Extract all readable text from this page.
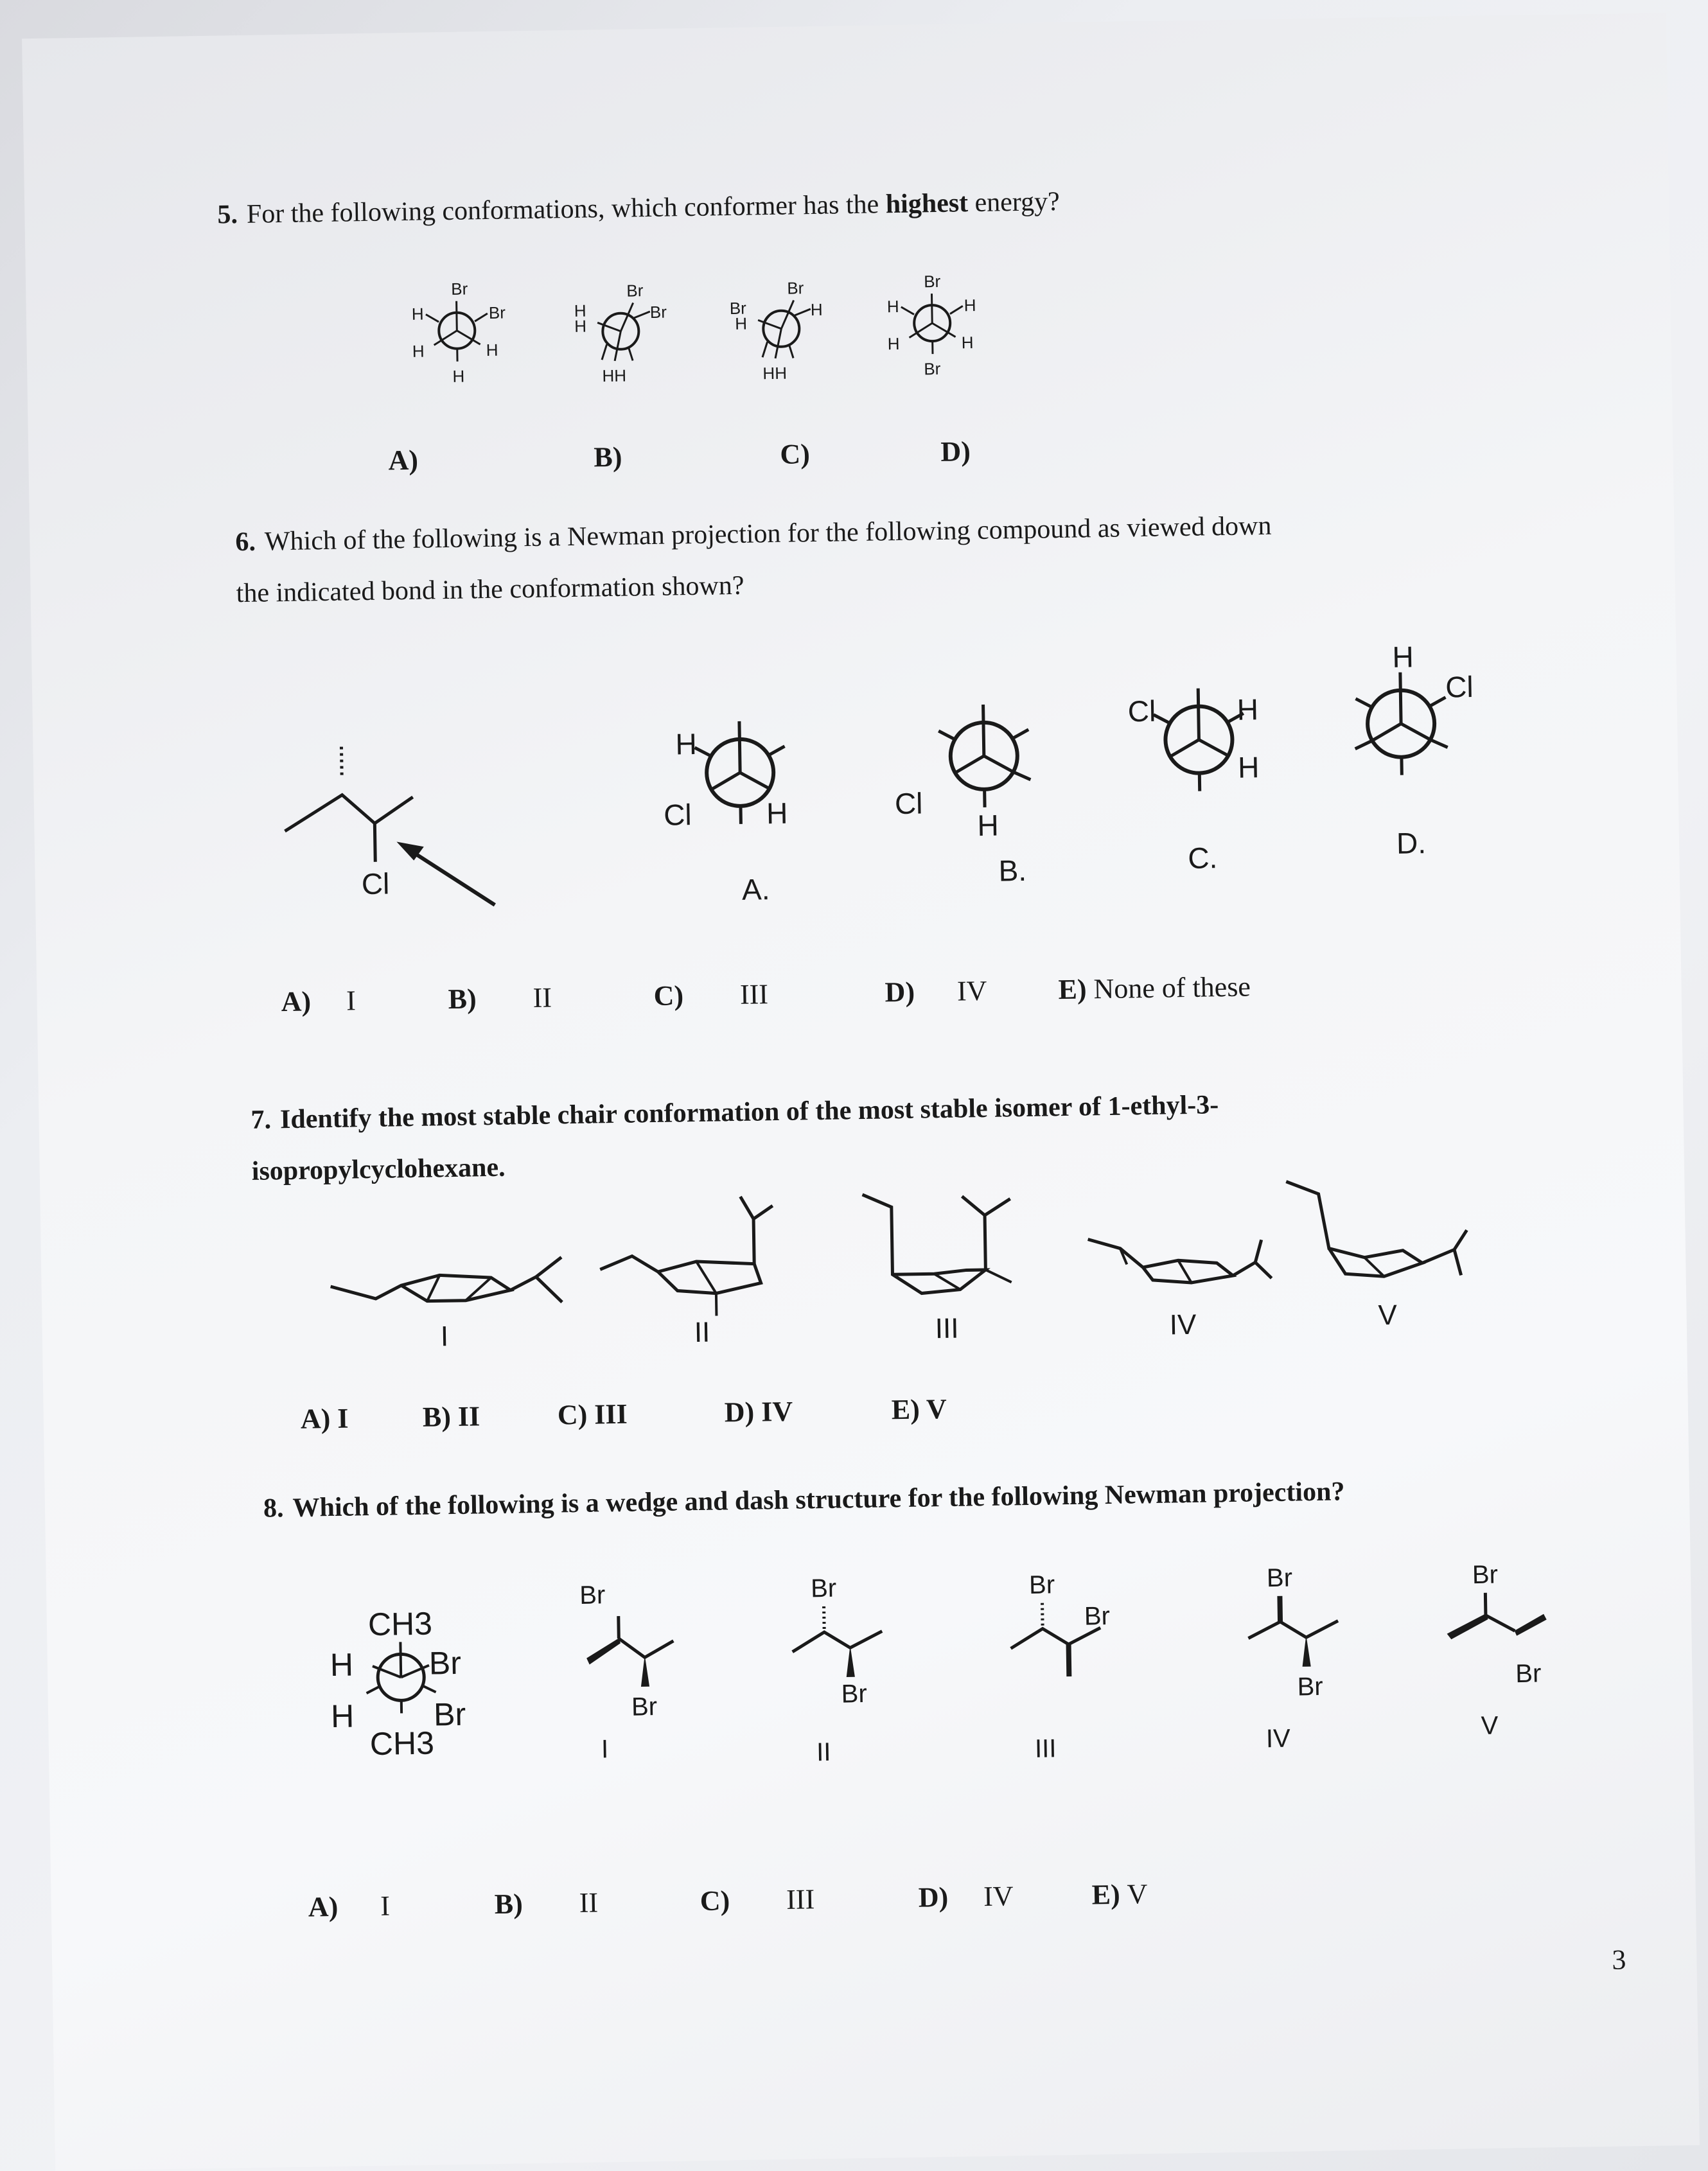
5. For the following conformations, which conformer has the highest energy?
Br
H	Br
H	H
H
Br
H	Br
H
HH
Br
Br	H
H
HH
Br
H	H
H	H
Br
A)	B)	C)	D)
6. Which of the following is a Newman projection for the following compound as viewed down
the indicated bond in the conformation shown?
Cl
H
Cl	H
A.
Cl
H
B.
Cl	H
H
C.
H
Cl
D.
A) I	B) II	C) III	D) IV	E) None of these
7. Identify the most stable chair conformation of the most stable isomer of 1-ethyl-3-
isopropylcyclohexane.
I	II	III	IV	V
A) I	B) II	C) III	D) IV	E) V
8. Which of the following is a wedge and dash structure for the following Newman projection?
CH3
H Br
H Br
CH3
Br
Br
I
Br
Br
II
Br
Br
III
Br
Br
IV
Br
Br
V
A) I	B) II	C) III	D) IV	E) V
3
